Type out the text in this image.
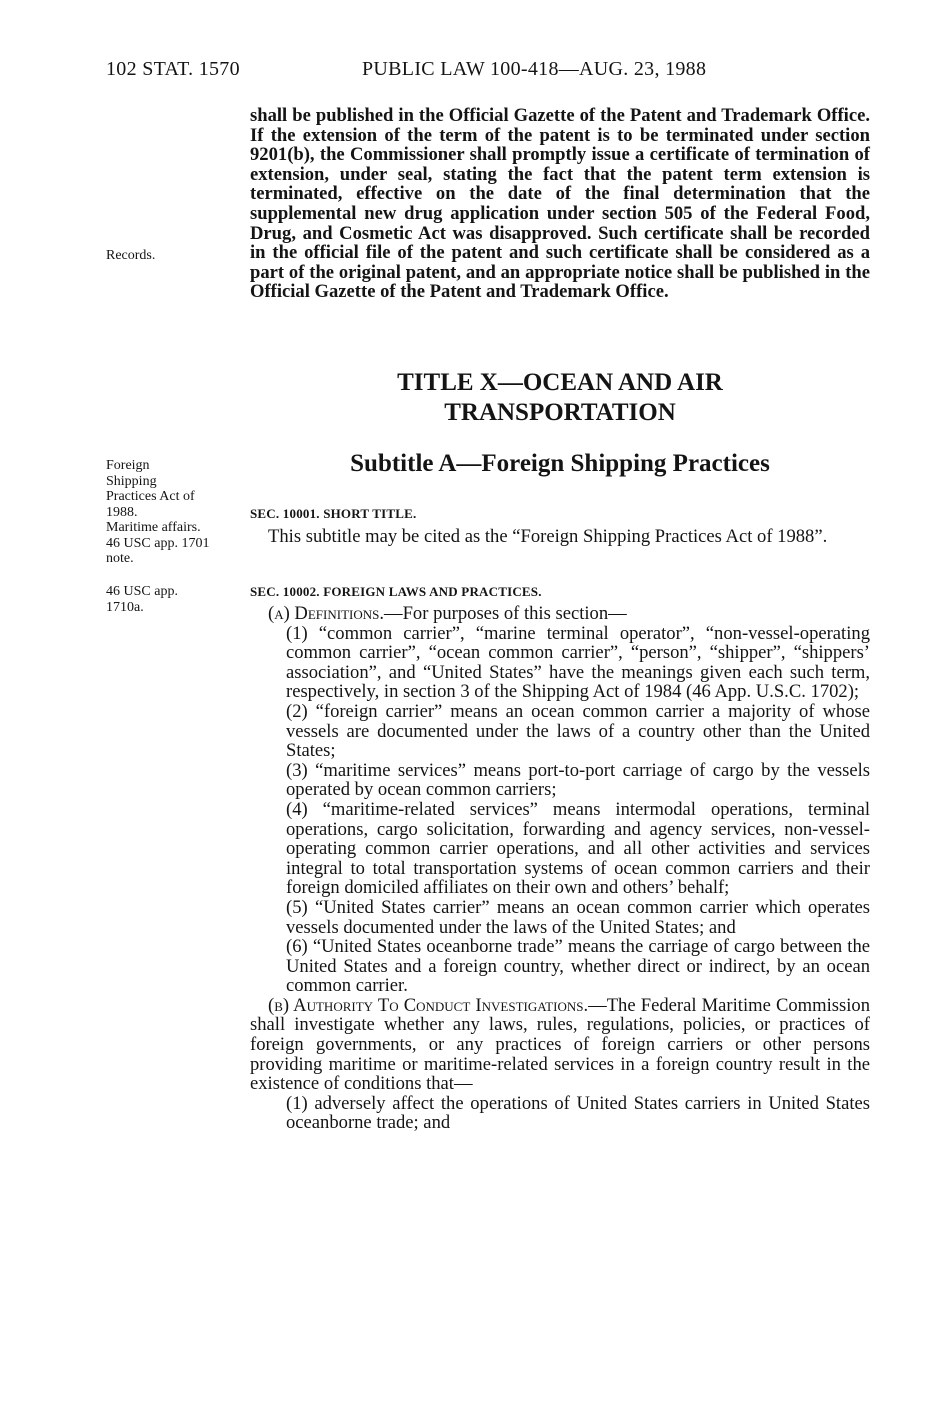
102 STAT. 1570	PUBLIC LAW 100-418—AUG. 23, 1988
shall be published in the Official Gazette of the Patent and Trademark Office. If the extension of the term of the patent is to be terminated under section 9201(b), the Commissioner shall promptly issue a certificate of termination of extension, under seal, stating the fact that the patent term extension is terminated, effective on the date of the final determination that the supplemental new drug application under section 505 of the Federal Food, Drug, and Cosmetic Act was disapproved. Such certificate shall be recorded in the official file of the patent and such certificate shall be considered as a part of the original patent, and an appropriate notice shall be published in the Official Gazette of the Patent and Trademark Office.
Records.
TITLE X—OCEAN AND AIR
TRANSPORTATION
Subtitle A—Foreign Shipping Practices
Foreign
Shipping
Practices Act of
1988.
Maritime affairs.
46 USC app. 1701
note.
SEC. 10001. SHORT TITLE.
This subtitle may be cited as the “Foreign Shipping Practices Act of 1988”.
46 USC app.
1710a.
SEC. 10002. FOREIGN LAWS AND PRACTICES.
(a) Definitions.—For purposes of this section—
(1) “common carrier”, “marine terminal operator”, “non-vessel-operating common carrier”, “ocean common carrier”, “person”, “shipper”, “shippers’ association”, and “United States” have the meanings given each such term, respectively, in section 3 of the Shipping Act of 1984 (46 App. U.S.C. 1702);
(2) “foreign carrier” means an ocean common carrier a majority of whose vessels are documented under the laws of a country other than the United States;
(3) “maritime services” means port-to-port carriage of cargo by the vessels operated by ocean common carriers;
(4) “maritime-related services” means intermodal operations, terminal operations, cargo solicitation, forwarding and agency services, non-vessel-operating common carrier operations, and all other activities and services integral to total transportation systems of ocean common carriers and their foreign domiciled affiliates on their own and others’ behalf;
(5) “United States carrier” means an ocean common carrier which operates vessels documented under the laws of the United States; and
(6) “United States oceanborne trade” means the carriage of cargo between the United States and a foreign country, whether direct or indirect, by an ocean common carrier.
(b) Authority To Conduct Investigations.—The Federal Maritime Commission shall investigate whether any laws, rules, regulations, policies, or practices of foreign governments, or any practices of foreign carriers or other persons providing maritime or maritime-related services in a foreign country result in the existence of conditions that—
(1) adversely affect the operations of United States carriers in United States oceanborne trade; and
